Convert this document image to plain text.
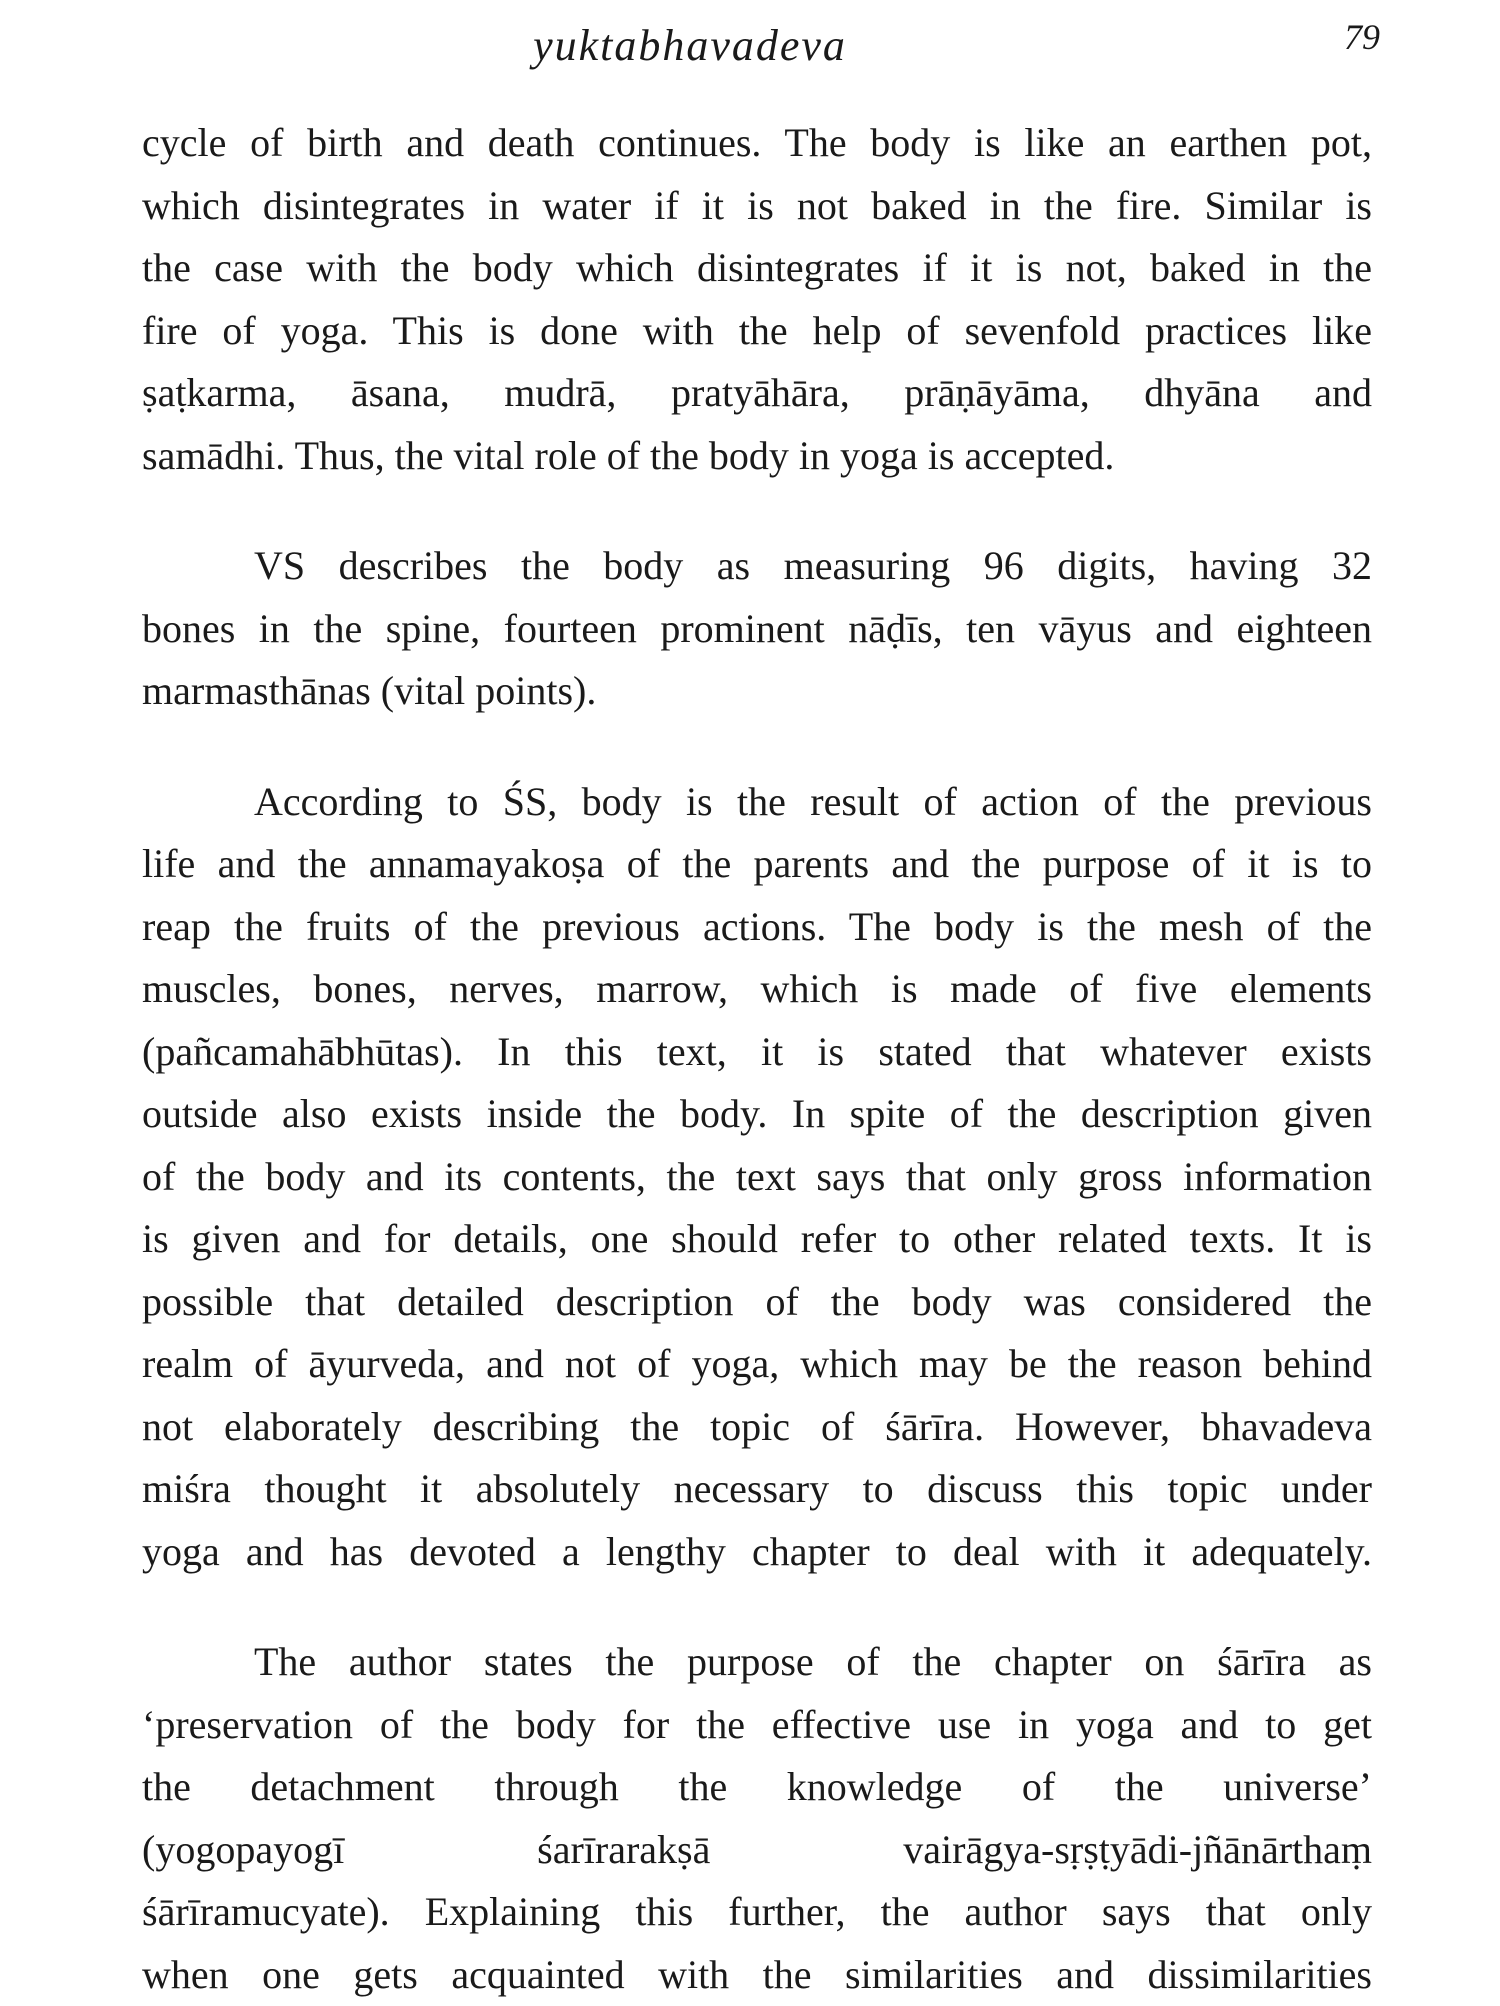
yuktabhavadeva	79
cycle of birth and death continues. The body is like an earthen pot,
which disintegrates in water if it is not baked in the fire. Similar is
the case with the body which disintegrates if it is not, baked in the
fire of yoga. This is done with the help of sevenfold practices like
ṣaṭkarma, āsana, mudrā, pratyāhāra, prāṇāyāma, dhyāna and
samādhi. Thus, the vital role of the body in yoga is accepted.
VS describes the body as measuring 96 digits, having 32
bones in the spine, fourteen prominent nāḍīs, ten vāyus and eighteen
marmasthānas (vital points).
According to ŚS, body is the result of action of the previous
life and the annamayakoṣa of the parents and the purpose of it is to
reap the fruits of the previous actions. The body is the mesh of the
muscles, bones, nerves, marrow, which is made of five elements
(pañcamahābhūtas). In this text, it is stated that whatever exists
outside also exists inside the body. In spite of the description given
of the body and its contents, the text says that only gross information
is given and for details, one should refer to other related texts. It is
possible that detailed description of the body was considered the
realm of āyurveda, and not of yoga, which may be the reason behind
not elaborately describing the topic of śārīra. However, bhavadeva
miśra thought it absolutely necessary to discuss this topic under
yoga and has devoted a lengthy chapter to deal with it adequately.
The author states the purpose of the chapter on śārīra as
‘preservation of the body for the effective use in yoga and to get
the detachment through the knowledge of the universe’
(yogopayogī śarīrarakṣā vairāgya-sṛṣṭyādi-jñānārthaṃ
śārīramucyate). Explaining this further, the author says that only
when one gets acquainted with the similarities and dissimilarities
